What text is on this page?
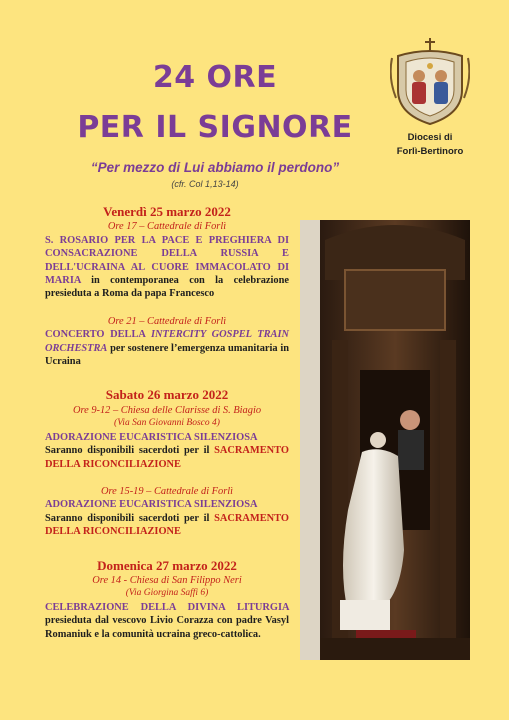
24 ORE
PER IL SIGNORE	Diocesi di
Forlì-Bertinoro
“Per mezzo di Lui abbiamo il perdono”
(cfr. Col 1,13-14)
Venerdì 25 marzo 2022
Ore 17 – Cattedrale di Forlì
S. ROSARIO PER LA PACE E PREGHIERA DI CONSACRAZIONE DELLA RUSSIA E DELL'UCRAINA AL CUORE IMMACOLATO DI MARIA in contemporanea con la celebrazione presieduta a Roma da papa Francesco
Ore 21 – Cattedrale di Forlì
CONCERTO DELLA INTERCITY GOSPEL TRAIN ORCHESTRA per sostenere l’emergenza umanitaria in Ucraina
Sabato 26 marzo 2022
Ore 9-12 – Chiesa delle Clarisse di S. Biagio
(Via San Giovanni Bosco 4)
ADORAZIONE EUCARISTICA SILENZIOSA
Saranno disponibili sacerdoti per il SACRAMENTO DELLA RICONCILIAZIONE
Ore 15-19 – Cattedrale di Forlì
ADORAZIONE EUCARISTICA SILENZIOSA
Saranno disponibili sacerdoti per il SACRAMENTO DELLA RICONCILIAZIONE
Domenica 27 marzo 2022
Ore 14 - Chiesa di San Filippo Neri
(Via Giorgina Saffi 6)
CELEBRAZIONE DELLA DIVINA LITURGIA presieduta dal vescovo Livio Corazza con padre Vasyl Romaniuk e la comunità ucraina greco-cattolica.
